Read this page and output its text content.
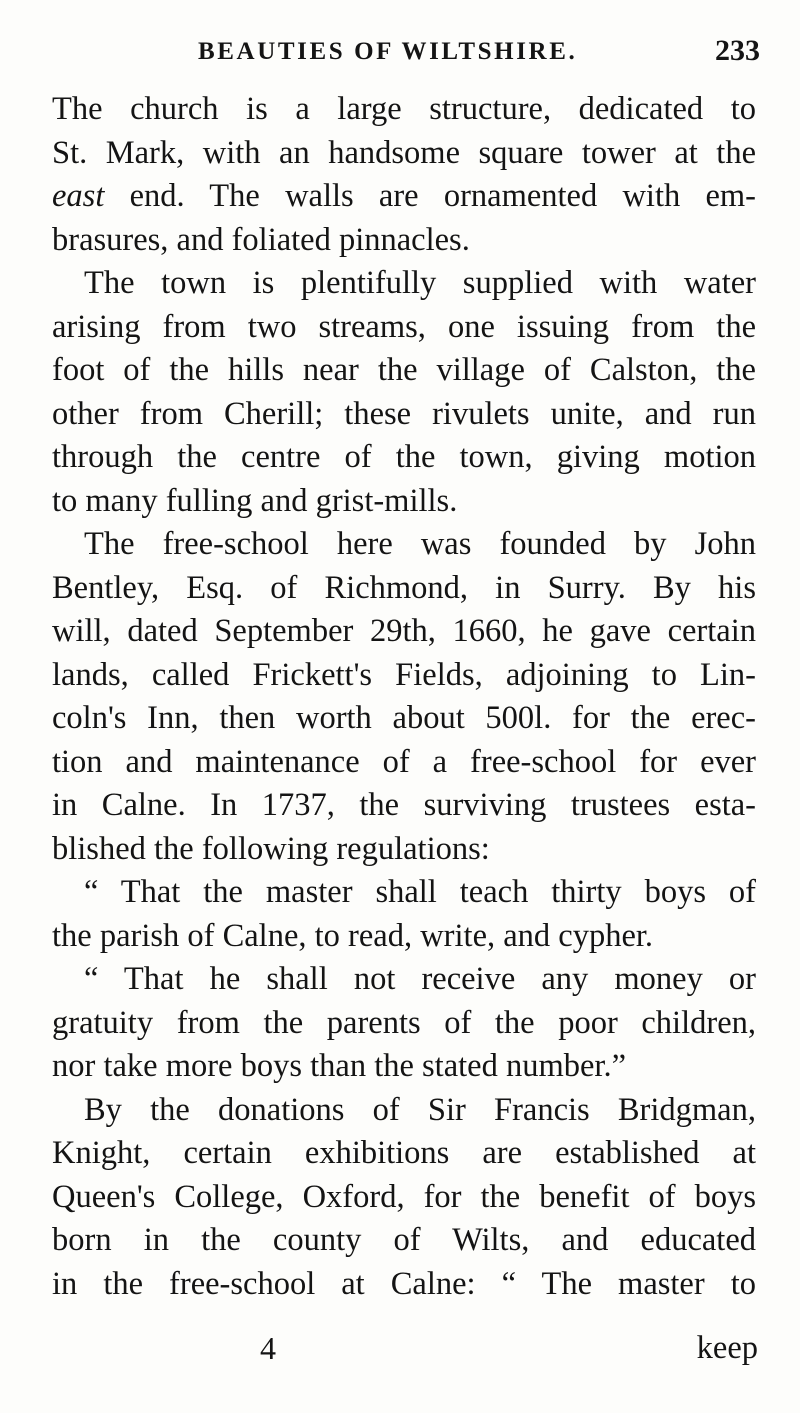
BEAUTIES OF WILTSHIRE.	233
The church is a large structure, dedicated to
St. Mark, with an handsome square tower at the
east end. The walls are ornamented with em-
brasures, and foliated pinnacles.
The town is plentifully supplied with water
arising from two streams, one issuing from the
foot of the hills near the village of Calston, the
other from Cherill; these rivulets unite, and run
through the centre of the town, giving motion
to many fulling and grist-mills.
The free-school here was founded by John
Bentley, Esq. of Richmond, in Surry. By his
will, dated September 29th, 1660, he gave certain
lands, called Frickett's Fields, adjoining to Lin-
coln's Inn, then worth about 500l. for the erec-
tion and maintenance of a free-school for ever
in Calne. In 1737, the surviving trustees esta-
blished the following regulations:
“ That the master shall teach thirty boys of
the parish of Calne, to read, write, and cypher.
“ That he shall not receive any money or
gratuity from the parents of the poor children,
nor take more boys than the stated number.”
By the donations of Sir Francis Bridgman,
Knight, certain exhibitions are established at
Queen's College, Oxford, for the benefit of boys
born in the county of Wilts, and educated
in the free-school at Calne: “ The master to
4	keep
